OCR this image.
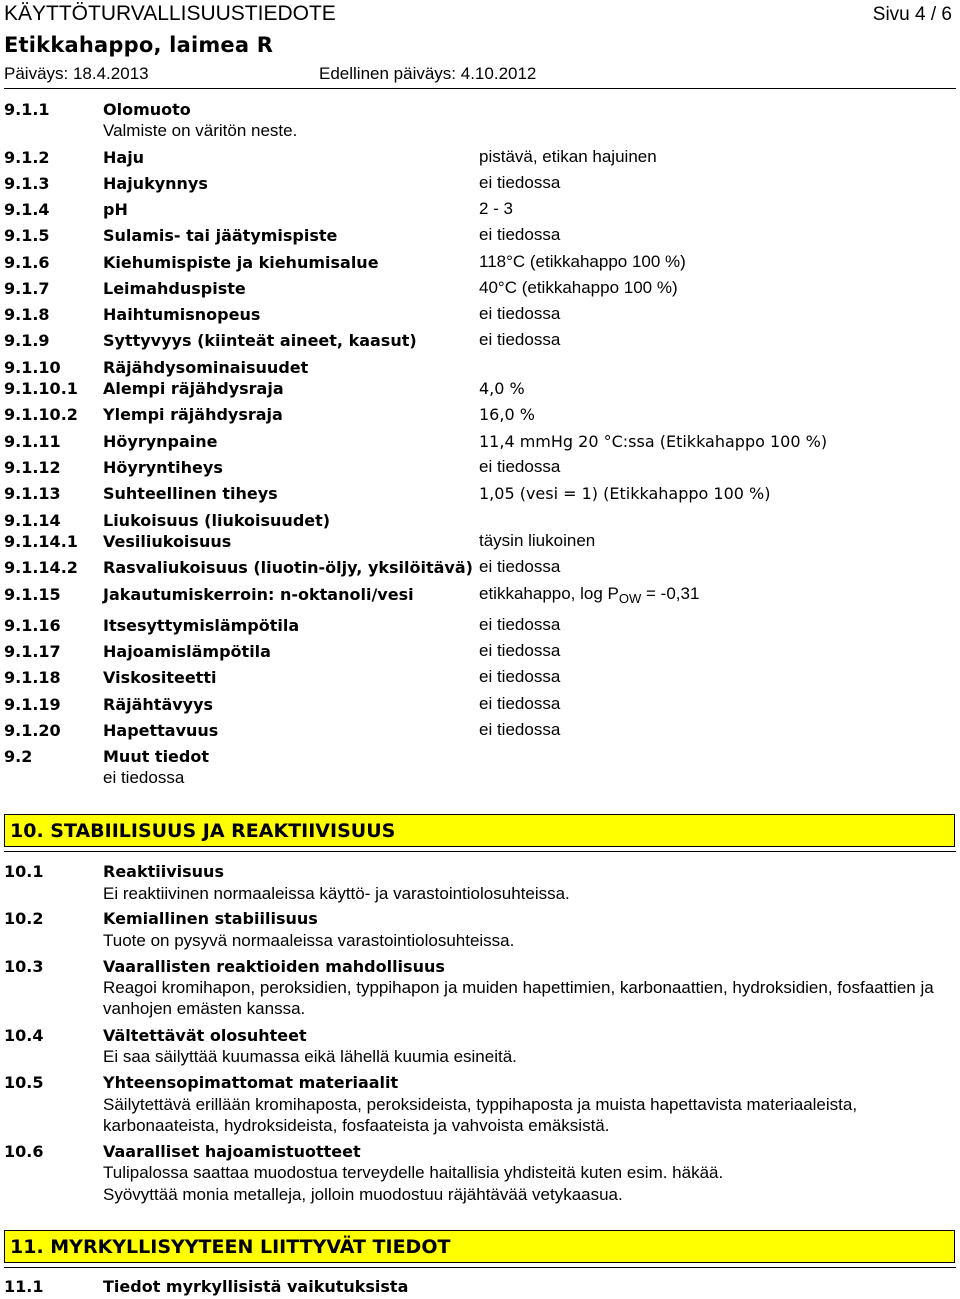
KÄYTTÖTURVALLISUUSTIEDOTE	Sivu 4 / 6
Etikkahappo, laimea R
Päiväys: 18.4.2013	Edellinen päiväys: 4.10.2012
9.1.1	Olomuoto
Valmiste on väritön neste.
9.1.2	Haju	pistävä, etikan hajuinen
9.1.3	Hajukynnys	ei tiedossa
9.1.4	pH	2 - 3
9.1.5	Sulamis- tai jäätymispiste	ei tiedossa
9.1.6	Kiehumispiste ja kiehumisalue	118°C (etikkahappo 100 %)
9.1.7	Leimahduspiste	40°C (etikkahappo 100 %)
9.1.8	Haihtumisnopeus	ei tiedossa
9.1.9	Syttyvyys (kiinteät aineet, kaasut)	ei tiedossa
9.1.10	Räjähdysominaisuudet
9.1.10.1 Alempi räjähdysraja	4,0 %
9.1.10.2 Ylempi räjähdysraja	16,0 %
9.1.11	Höyrynpaine	11,4 mmHg 20 °C:ssa (Etikkahappo 100 %)
9.1.12	Höyryntiheys	ei tiedossa
9.1.13	Suhteellinen tiheys	1,05 (vesi = 1) (Etikkahappo 100 %)
9.1.14	Liukoisuus (liukoisuudet)
9.1.14.1 Vesiliukoisuus	täysin liukoinen
9.1.14.2 Rasvaliukoisuus (liuotin-öljy, yksilöitävä) ei tiedossa
9.1.15	Jakautumiskerroin: n-oktanoli/vesi	etikkahappo, $\log P_{OW} = -0,31$
9.1.16	Itsesyttymislämpötila	ei tiedossa
9.1.17	Hajoamislämpötila	ei tiedossa
9.1.18	Viskositeetti	ei tiedossa
9.1.19	Räjähtävyys	ei tiedossa
9.1.20	Hapettavuus	ei tiedossa
9.2	Muut tiedot
ei tiedossa
10. STABIILISUUS JA REAKTIIVISUUS
10.1	Reaktiivisuus
Ei reaktiivinen normaaleissa käyttö- ja varastointiolosuhteissa.
10.2	Kemiallinen stabiilisuus
Tuote on pysyvä normaaleissa varastointiolosuhteissa.
10.3	Vaarallisten reaktioiden mahdollisuus
Reagoi kromihapon, peroksidien, typpihapon ja muiden hapettimien, karbonaattien, hydroksidien, fosfaattien ja vanhojen emästen kanssa.
10.4	Vältettävät olosuhteet
Ei saa säilyttää kuumassa eikä lähellä kuumia esineitä.
10.5	Yhteensopimattomat materiaalit
Säilytettävä erillään kromihaposta, peroksideista, typpihaposta ja muista hapettavista materiaaleista, karbonaateista, hydroksideista, fosfaateista ja vahvoista emäksistä.
10.6	Vaaralliset hajoamistuotteet
Tulipalossa saattaa muodostua terveydelle haitallisia yhdisteitä kuten esim. häkää.
Syövyttää monia metalleja, jolloin muodostuu räjähtävää vetykaasua.
11. MYRKYLLISYYTEEN LIITTYVÄT TIEDOT
11.1	Tiedot myrkyllisistä vaikutuksista
